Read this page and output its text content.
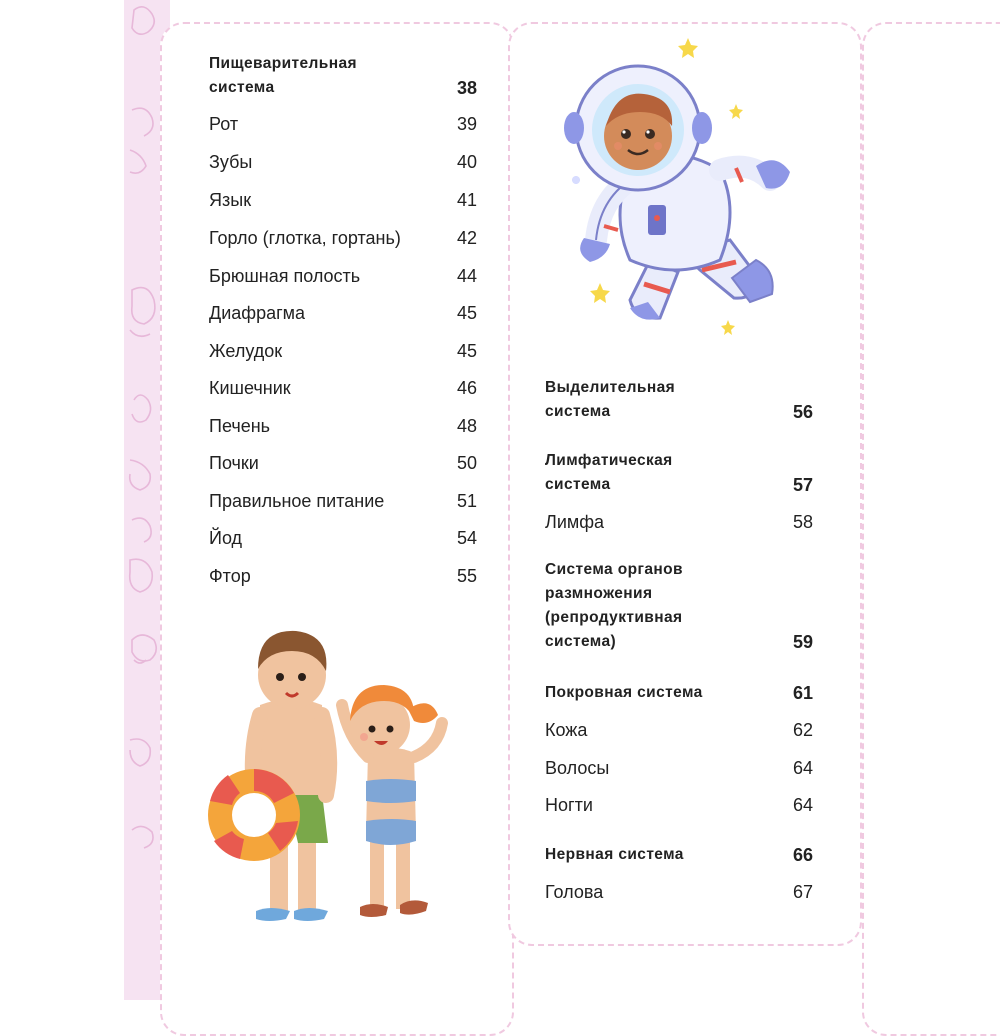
Пищеварительная
система	38
Рот	39
Зубы	40
Язык	41
Горло (глотка, гортань)	42
Брюшная полость	44
Диафрагма	45
Желудок	45
Кишечник	46
Печень	48
Почки	50
Правильное питание	51
Йод	54
Фтор	55
Выделительная
система	56
Лимфатическая
система	57
Лимфа	58
Система органов
размножения
(репродуктивная
система)	59
Покровная система	61
Кожа	62
Волосы	64
Ногти	64
Нервная система	66
Голова	67
